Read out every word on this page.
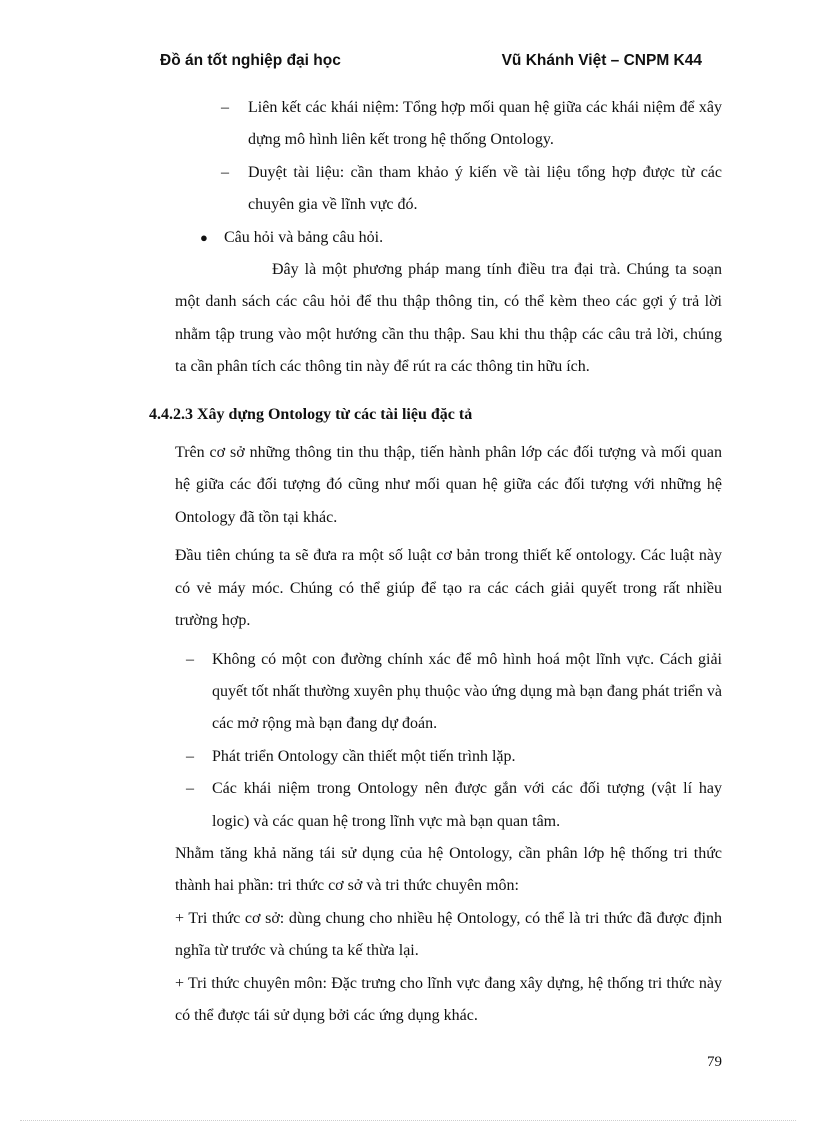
Đồ án tốt nghiệp đại học	Vũ Khánh Việt – CNPM K44
– Liên kết các khái niệm: Tổng hợp mối quan hệ giữa các khái niệm để xây dựng mô hình liên kết trong hệ thống Ontology.
– Duyệt tài liệu: cần tham khảo ý kiến về tài liệu tổng hợp được từ các chuyên gia về lĩnh vực đó.
● Câu hỏi và bảng câu hỏi.

Đây là một phương pháp mang tính điều tra đại trà. Chúng ta soạn một danh sách các câu hỏi để thu thập thông tin, có thể kèm theo các gợi ý trả lời nhằm tập trung vào một hướng cần thu thập. Sau khi thu thập các câu trả lời, chúng ta cần phân tích các thông tin này để rút ra các thông tin hữu ích.

4.4.2.3 Xây dựng Ontology từ các tài liệu đặc tả

Trên cơ sở những thông tin thu thập, tiến hành phân lớp các đối tượng và mối quan hệ giữa các đối tượng đó cũng như mối quan hệ giữa các đối tượng với những hệ Ontology đã tồn tại khác.

Đầu tiên chúng ta sẽ đưa ra một số luật cơ bản trong thiết kế ontology. Các luật này có vẻ máy móc. Chúng có thể giúp để tạo ra các cách giải quyết trong rất nhiều trường hợp.

– Không có một con đường chính xác để mô hình hoá một lĩnh vực. Cách giải quyết tốt nhất thường xuyên phụ thuộc vào ứng dụng mà bạn đang phát triển và các mở rộng mà bạn đang dự đoán.
– Phát triển Ontology cần thiết một tiến trình lặp.
– Các khái niệm trong Ontology nên được gắn với các đối tượng (vật lí hay logic) và các quan hệ trong lĩnh vực mà bạn quan tâm.

Nhằm tăng khả năng tái sử dụng của hệ Ontology, cần phân lớp hệ thống tri thức thành hai phần: tri thức cơ sở và tri thức chuyên môn:

+ Tri thức cơ sở: dùng chung cho nhiều hệ Ontology, có thể là tri thức đã được định nghĩa từ trước và chúng ta kế thừa lại.

+ Tri thức chuyên môn: Đặc trưng cho lĩnh vực đang xây dựng, hệ thống tri thức này có thể được tái sử dụng bởi các ứng dụng khác.

79
